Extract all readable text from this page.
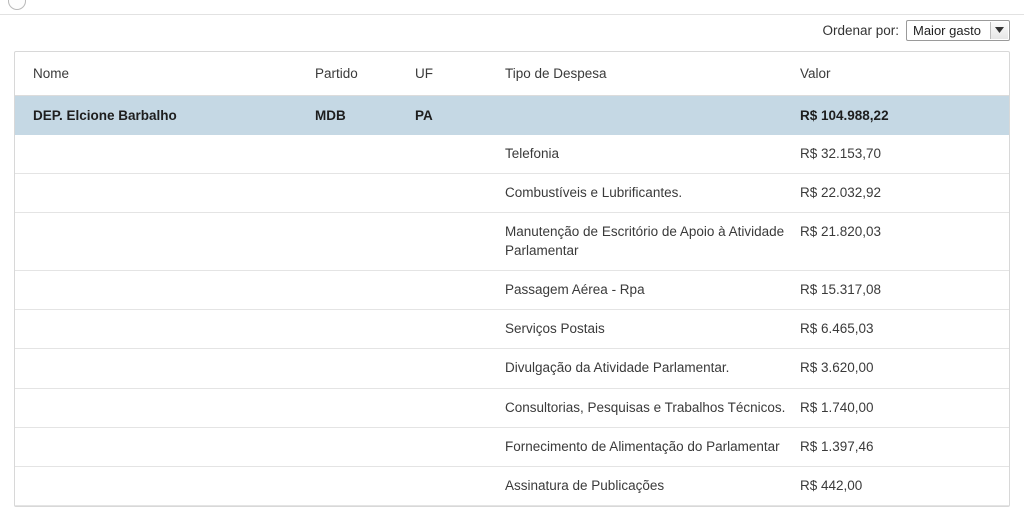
Ordenar por:	Maior gasto
Nome	Partido	UF	Tipo de Despesa	Valor
DEP. Elcione Barbalho	MDB	PA		R$ 104.988,22
			Telefonia	R$ 32.153,70
			Combustíveis e Lubrificantes.	R$ 22.032,92
			Manutenção de Escritório de Apoio à Atividade Parlamentar	R$ 21.820,03
			Passagem Aérea - Rpa	R$ 15.317,08
			Serviços Postais	R$ 6.465,03
			Divulgação da Atividade Parlamentar.	R$ 3.620,00
			Consultorias, Pesquisas e Trabalhos Técnicos.	R$ 1.740,00
			Fornecimento de Alimentação do Parlamentar	R$ 1.397,46
			Assinatura de Publicações	R$ 442,00
